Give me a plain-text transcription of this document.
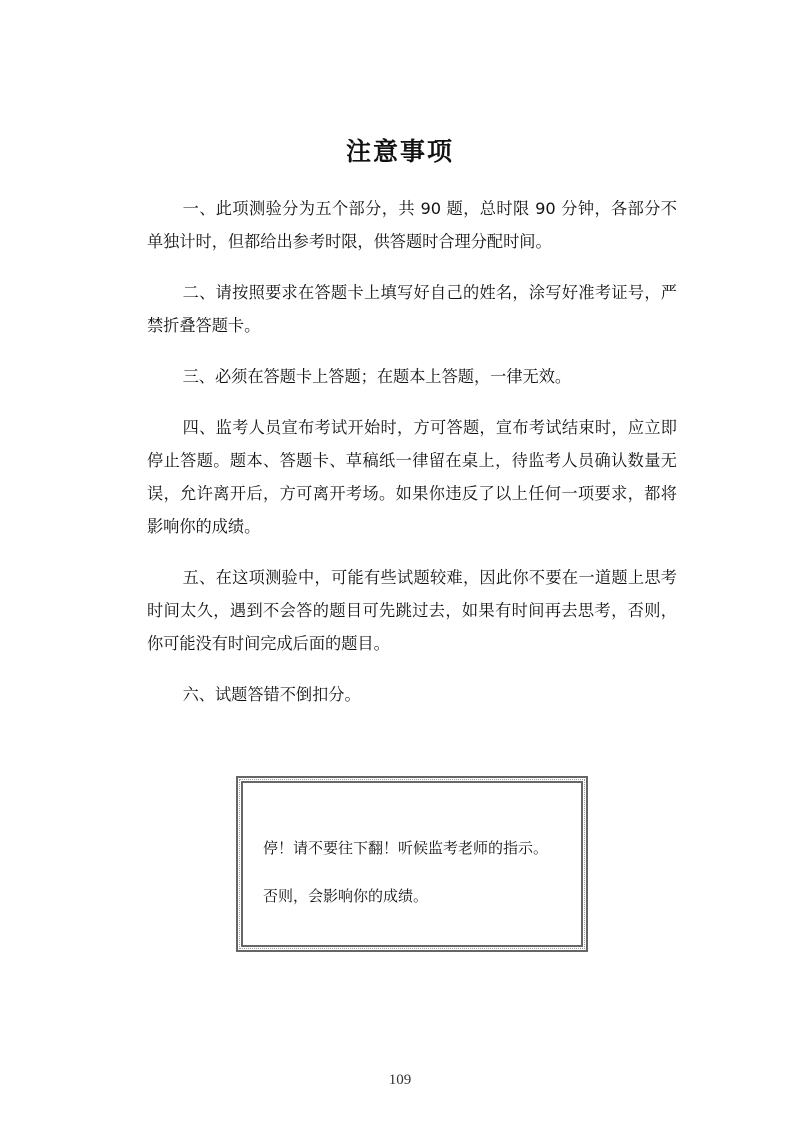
注意事项

一、此项测验分为五个部分，共 90 题，总时限 90 分钟，各部分不单独计时，但都给出参考时限，供答题时合理分配时间。

二、请按照要求在答题卡上填写好自己的姓名，涂写好准考证号，严禁折叠答题卡。

三、必须在答题卡上答题；在题本上答题，一律无效。

四、监考人员宣布考试开始时，方可答题，宣布考试结束时，应立即停止答题。题本、答题卡、草稿纸一律留在桌上，待监考人员确认数量无误，允许离开后，方可离开考场。如果你违反了以上任何一项要求，都将影响你的成绩。

五、在这项测验中，可能有些试题较难，因此你不要在一道题上思考时间太久，遇到不会答的题目可先跳过去，如果有时间再去思考，否则，你可能没有时间完成后面的题目。

六、试题答错不倒扣分。

停！请不要往下翻！听候监考老师的指示。
否则，会影响你的成绩。
109
